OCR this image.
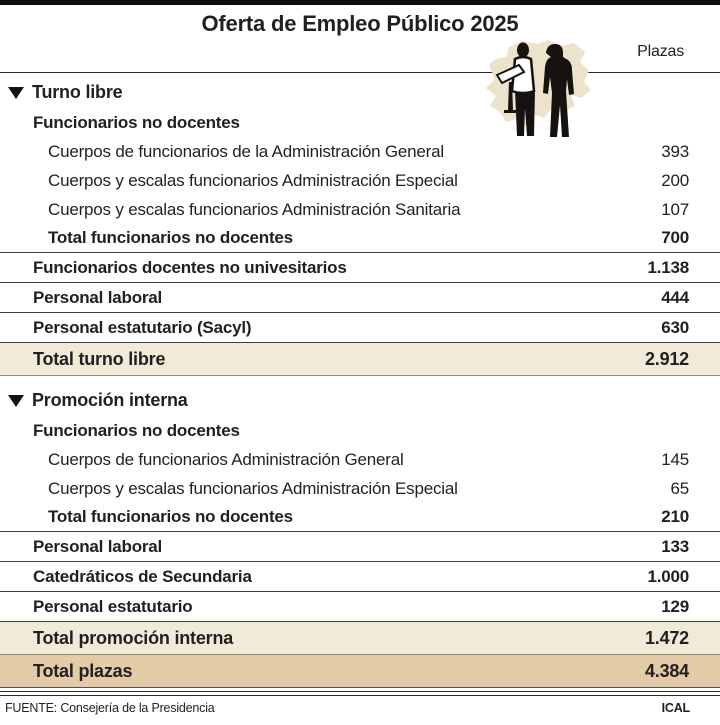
Oferta de Empleo Público 2025
Plazas
Turno libre
Funcionarios no docentes
Cuerpos de funcionarios de la Administración General	393
Cuerpos y escalas funcionarios Administración Especial	200
Cuerpos y escalas funcionarios Administración Sanitaria	107
Total funcionarios no docentes	700
Funcionarios docentes no univesitarios	1.138
Personal laboral	444
Personal estatutario (Sacyl)	630
Total turno libre	2.912
Promoción interna
Funcionarios no docentes
Cuerpos de funcionarios Administración General	145
Cuerpos y escalas funcionarios Administración Especial	65
Total funcionarios no docentes	210
Personal laboral	133
Catedráticos de Secundaria	1.000
Personal estatutario	129
Total promoción interna	1.472
Total plazas	4.384
FUENTE: Consejería de la Presidencia	ICAL
